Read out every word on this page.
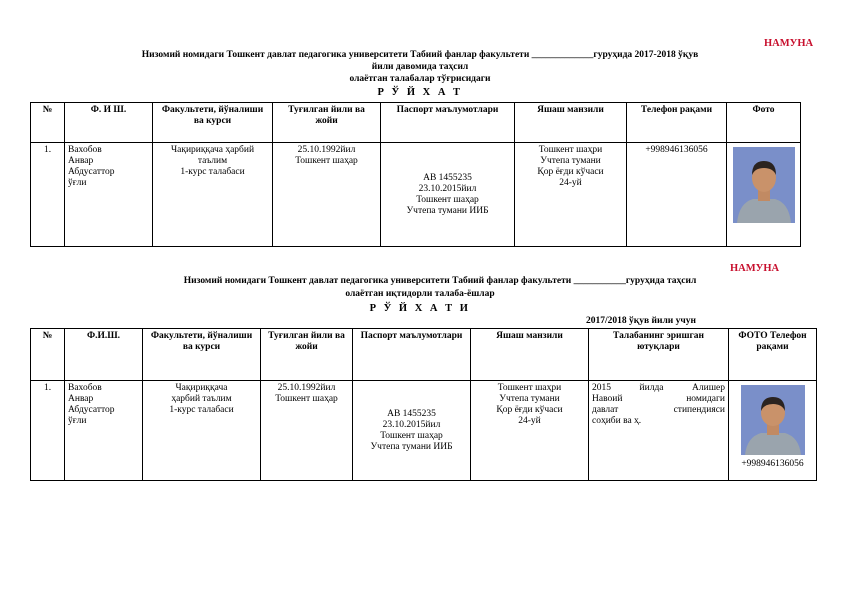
НАМУНА
Низомий номидаги Тошкент давлат педагогика университети Табиий фанлар факультети _____________гуруҳида 2017-2018 ўқув
йили давомида таҳсил
олаётган талабалар тўғрисидаги
Р Ў Й Х А Т
№	Ф. И Ш.	Факультети, йўналиши ва курси	Туғилган йили ва жойи	Паспорт маълумотлари	Яшаш манзили	Телефон рақами	Фото
1.	Вахобов
Анвар
Абдусаттор
ўғли	Чақириққача ҳарбий
таълим
1-курс талабаси	25.10.1992йил
Тошкент шаҳар	АВ 1455235
23.10.2015йил
Тошкент шаҳар
Учтепа тумани ИИБ	Тошкент шаҳри
Учтепа тумани
Қор ёғди кўчаси
24-уй	+998946136056	
НАМУНА
Низомий номидаги Тошкент давлат педагогика университети Табиий фанлар факультети ___________гуруҳида таҳсил
олаётган иқтидорли талаба-ёшлар
Р Ў Й Х А Т И
2017/2018 ўқув йили учун
№	Ф.И.Ш.	Факультети, йўналиши ва курси	Туғилган йили ва жойи	Паспорт маълумотлари	Яшаш манзили	Талабанинг эришган ютуқлари	ФОТО Телефон рақами
1.	Вахобов
Анвар
Абдусаттор
ўғли	Чақириққача
ҳарбий таълим
1-курс талабаси	25.10.1992йил
Тошкент шаҳар	АВ 1455235
23.10.2015йил
Тошкент шаҳар
Учтепа тумани ИИБ	Тошкент шаҳри
Учтепа тумани
Қор ёғди кўчаси
24-уй	2015 йилда Алишер
Навоий номидаги
давлат стипендияси
соҳиби ва ҳ.	+998946136056
